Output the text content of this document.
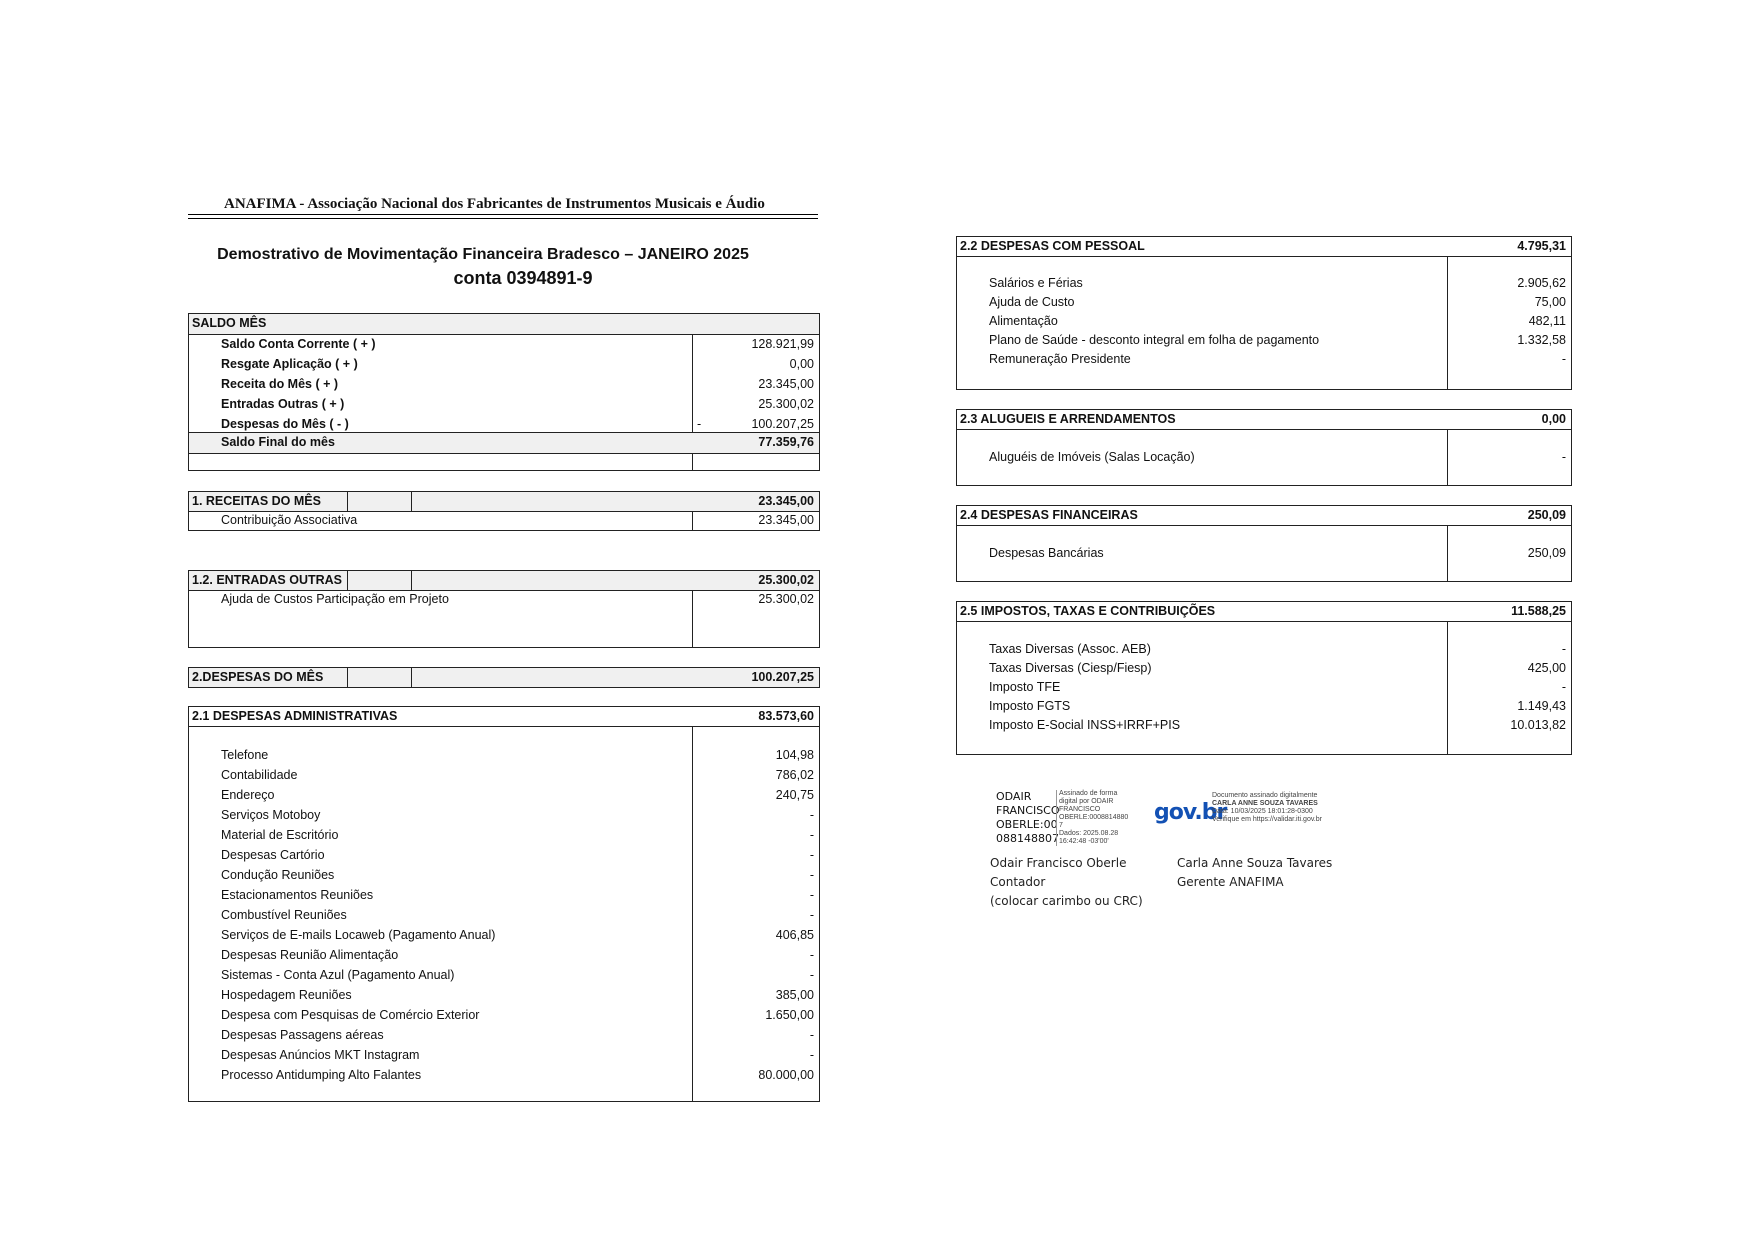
ANAFIMA - Associação Nacional dos Fabricantes de Instrumentos Musicais e Áudio
Demostrativo de Movimentação Financeira Bradesco – JANEIRO 2025
conta 0394891-9
SALDO MÊS
Saldo Conta Corrente ( + )	128.921,99
Resgate Aplicação ( + )	0,00
Receita do Mês ( + )	23.345,00
Entradas Outras ( + )	25.300,02
Despesas do Mês ( - )	-	100.207,25
Saldo Final do mês	77.359,76
1. RECEITAS DO MÊS	23.345,00
Contribuição Associativa	23.345,00
1.2. ENTRADAS OUTRAS	25.300,02
Ajuda de Custos Participação em Projeto	25.300,02
2.DESPESAS DO MÊS	100.207,25
2.1 DESPESAS ADMINISTRATIVAS	83.573,60
Telefone	104,98
Contabilidade	786,02
Endereço	240,75
Serviços Motoboy	-
Material de Escritório	-
Despesas Cartório	-
Condução Reuniões	-
Estacionamentos Reuniões	-
Combustível Reuniões	-
Serviços de E-mails Locaweb (Pagamento Anual)	406,85
Despesas Reunião Alimentação	-
Sistemas - Conta Azul (Pagamento Anual)	-
Hospedagem Reuniões	385,00
Despesa com Pesquisas de Comércio Exterior	1.650,00
Despesas Passagens aéreas	-
Despesas Anúncios MKT Instagram	-
Processo Antidumping Alto Falantes	80.000,00
2.2 DESPESAS COM PESSOAL	4.795,31
Salários e Férias	2.905,62
Ajuda de Custo	75,00
Alimentação	482,11
Plano de Saúde - desconto integral em folha de pagamento	1.332,58
Remuneração Presidente	-
2.3 ALUGUEIS E ARRENDAMENTOS	0,00
Aluguéis de Imóveis (Salas Locação)	-
2.4 DESPESAS FINANCEIRAS	250,09
Despesas Bancárias	250,09
2.5 IMPOSTOS, TAXAS E CONTRIBUIÇÕES	11.588,25
Taxas Diversas (Assoc. AEB)	-
Taxas Diversas (Ciesp/Fiesp)	425,00
Imposto TFE	-
Imposto FGTS	1.149,43
Imposto E-Social INSS+IRRF+PIS	10.013,82
ODAIR
FRANCISCO
OBERLE:00
088148807
Assinado de forma
digital por ODAIR
FRANCISCO
OBERLE:0008814880
7
Dados: 2025.08.28
16:42:48 -03'00'
gov.br
Documento assinado digitalmente
CARLA ANNE SOUZA TAVARES
Data: 10/03/2025 18:01:28-0300
Verifique em https://validar.iti.gov.br
Odair Francisco Oberle
Contador
(colocar carimbo ou CRC)
Carla Anne Souza Tavares
Gerente ANAFIMA
